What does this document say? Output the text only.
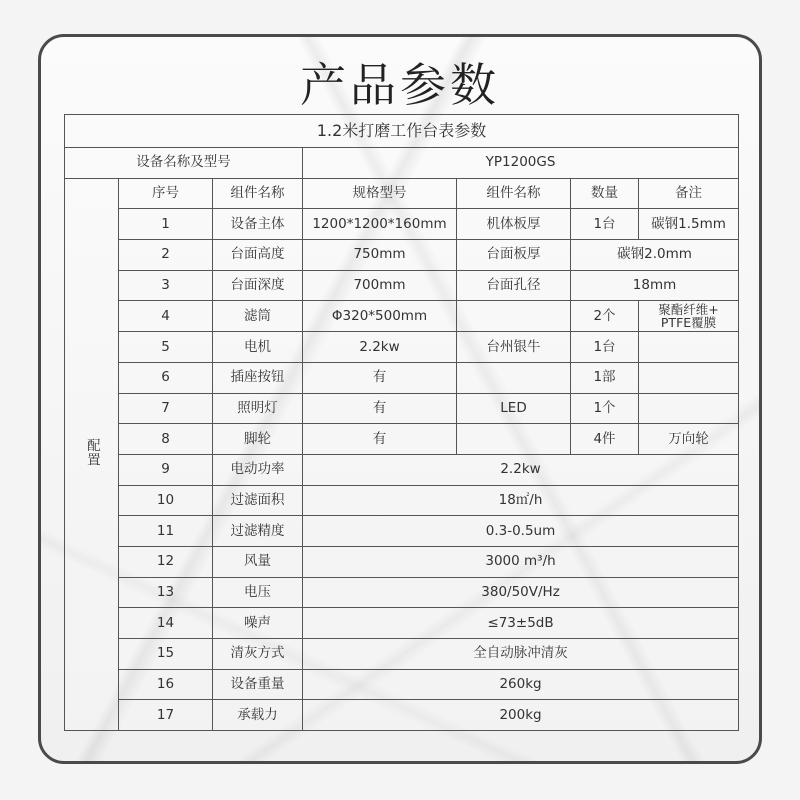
产品参数
1.2米打磨工作台表参数						
设备名称及型号			YP1200GS			
配置	序号	组件名称	规格型号	组件名称	数量	备注
	1	设备主体	1200*1200*160mm	机体板厚	1台	碳钢1.5mm
	2	台面高度	750mm	台面板厚	碳钢2.0mm	
	3	台面深度	700mm	台面孔径	18mm	
	4	滤筒	Φ320*500mm		2个	聚酯纤维+
PTFE覆膜
	5	电机	2.2kw	台州银牛	1台	
	6	插座按钮	有		1部	
	7	照明灯	有	LED	1个	
	8	脚轮	有		4件	万向轮
	9	电动功率	2.2kw			
	10	过滤面积	18㎡/h			
	11	过滤精度	0.3-0.5um			
	12	风量	3000 m³/h			
	13	电压	380/50V/Hz			
	14	噪声	≤73±5dB			
	15	清灰方式	全自动脉冲清灰			
	16	设备重量	260kg			
	17	承载力	200kg			
